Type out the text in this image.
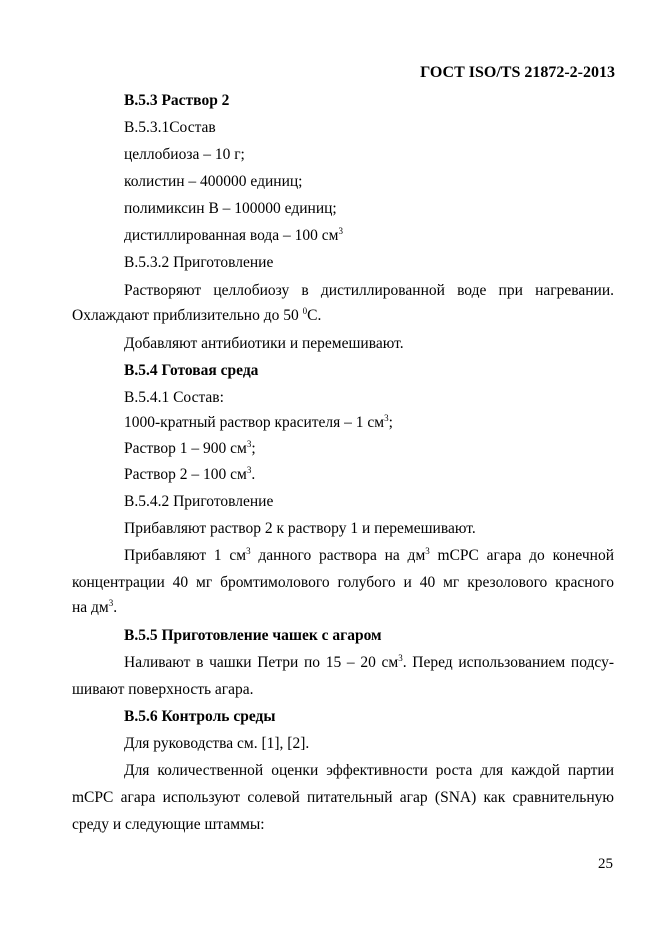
ГОСТ ISO/TS 21872-2-2013
B.5.3 Раствор 2
B.5.3.1Состав
целлобиоза – 10 г;
колистин – 400000 единиц;
полимиксин В – 100000 единиц;
дистиллированная вода – 100 $см^3$
B.5.3.2 Приготовление
Растворяют целлобиозу в дистиллированной воде при нагревании.
Охлаждают приблизительно до 50 $^0$С.
Добавляют антибиотики и перемешивают.
B.5.4 Готовая среда
B.5.4.1 Состав:
1000-кратный раствор красителя – 1 $см^3$;
Раствор 1 – 900 $см^3$;
Раствор 2 – 100 $см^3$.
B.5.4.2 Приготовление
Прибавляют раствор 2 к раствору 1 и перемешивают.
Прибавляют 1 $см^3$ данного раствора на $дм^3$ mCPC агара до конечной
концентрации 40 мг бромтимолового голубого и 40 мг крезолового красного
на $дм^3$.
B.5.5 Приготовление чашек с агаром
Наливают в чашки Петри по 15 – 20 $см^3$. Перед использованием подсу-
шивают поверхность агара.
B.5.6 Контроль среды
Для руководства см. [1], [2].
Для количественной оценки эффективности роста для каждой партии
mCPC агара используют солевой питательный агар (SNA) как сравнительную
среду и следующие штаммы:
25
